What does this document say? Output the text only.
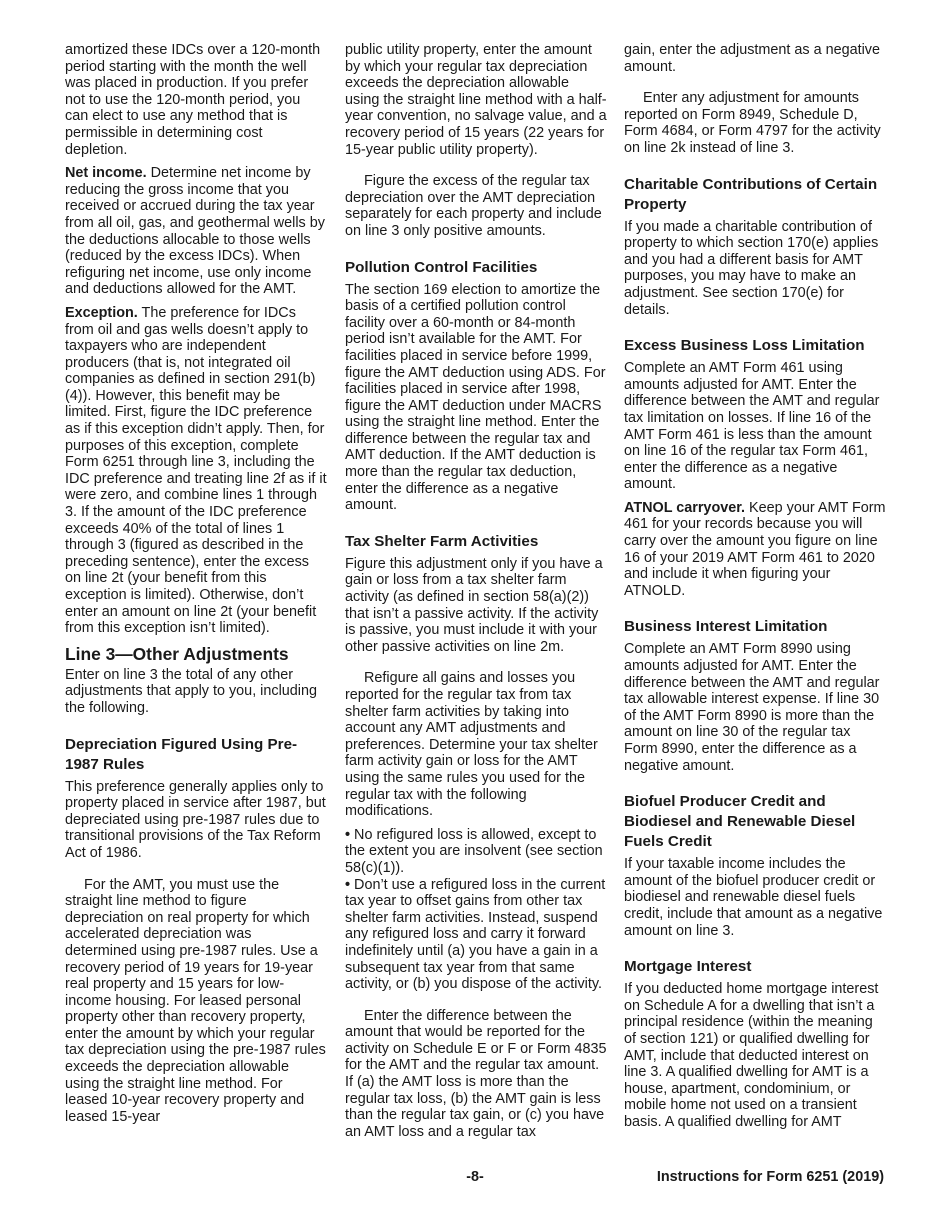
amortized these IDCs over a 120-month period starting with the month the well was placed in production. If you prefer not to use the 120-month period, you can elect to use any method that is permissible in determining cost depletion.

Net income. Determine net income by reducing the gross income that you received or accrued during the tax year from all oil, gas, and geothermal wells by the deductions allocable to those wells (reduced by the excess IDCs). When refiguring net income, use only income and deductions allowed for the AMT.

Exception. The preference for IDCs from oil and gas wells doesn’t apply to taxpayers who are independent producers (that is, not integrated oil companies as defined in section 291(b)(4)). However, this benefit may be limited. First, figure the IDC preference as if this exception didn’t apply. Then, for purposes of this exception, complete Form 6251 through line 3, including the IDC preference and treating line 2f as if it were zero, and combine lines 1 through 3. If the amount of the IDC preference exceeds 40% of the total of lines 1 through 3 (figured as described in the preceding sentence), enter the excess on line 2t (your benefit from this exception is limited). Otherwise, don’t enter an amount on line 2t (your benefit from this exception isn’t limited).

Line 3—Other Adjustments

Enter on line 3 the total of any other adjustments that apply to you, including the following.

Depreciation Figured Using Pre-1987 Rules

This preference generally applies only to property placed in service after 1987, but depreciated using pre-1987 rules due to transitional provisions of the Tax Reform Act of 1986.

For the AMT, you must use the straight line method to figure depreciation on real property for which accelerated depreciation was determined using pre-1987 rules. Use a recovery period of 19 years for 19-year real property and 15 years for low-income housing. For leased personal property other than recovery property, enter the amount by which your regular tax depreciation using the pre-1987 rules exceeds the depreciation allowable using the straight line method. For leased 10-year recovery property and leased 15-year

public utility property, enter the amount by which your regular tax depreciation exceeds the depreciation allowable using the straight line method with a half-year convention, no salvage value, and a recovery period of 15 years (22 years for 15-year public utility property).

Figure the excess of the regular tax depreciation over the AMT depreciation separately for each property and include on line 3 only positive amounts.

Pollution Control Facilities

The section 169 election to amortize the basis of a certified pollution control facility over a 60-month or 84-month period isn’t available for the AMT. For facilities placed in service before 1999, figure the AMT deduction using ADS. For facilities placed in service after 1998, figure the AMT deduction under MACRS using the straight line method. Enter the difference between the regular tax and AMT deduction. If the AMT deduction is more than the regular tax deduction, enter the difference as a negative amount.

Tax Shelter Farm Activities

Figure this adjustment only if you have a gain or loss from a tax shelter farm activity (as defined in section 58(a)(2)) that isn’t a passive activity. If the activity is passive, you must include it with your other passive activities on line 2m.

Refigure all gains and losses you reported for the regular tax from tax shelter farm activities by taking into account any AMT adjustments and preferences. Determine your tax shelter farm activity gain or loss for the AMT using the same rules you used for the regular tax with the following modifications.

• No refigured loss is allowed, except to the extent you are insolvent (see section 58(c)(1)).

• Don’t use a refigured loss in the current tax year to offset gains from other tax shelter farm activities. Instead, suspend any refigured loss and carry it forward indefinitely until (a) you have a gain in a subsequent tax year from that same activity, or (b) you dispose of the activity.

Enter the difference between the amount that would be reported for the activity on Schedule E or F or Form 4835 for the AMT and the regular tax amount. If (a) the AMT loss is more than the regular tax loss, (b) the AMT gain is less than the regular tax gain, or (c) you have an AMT loss and a regular tax

gain, enter the adjustment as a negative amount.

Enter any adjustment for amounts reported on Form 8949, Schedule D, Form 4684, or Form 4797 for the activity on line 2k instead of line 3.

Charitable Contributions of Certain Property

If you made a charitable contribution of property to which section 170(e) applies and you had a different basis for AMT purposes, you may have to make an adjustment. See section 170(e) for details.

Excess Business Loss Limitation

Complete an AMT Form 461 using amounts adjusted for AMT. Enter the difference between the AMT and regular tax limitation on losses. If line 16 of the AMT Form 461 is less than the amount on line 16 of the regular tax Form 461, enter the difference as a negative amount.

ATNOL carryover. Keep your AMT Form 461 for your records because you will carry over the amount you figure on line 16 of your 2019 AMT Form 461 to 2020 and include it when figuring your ATNOLD.

Business Interest Limitation

Complete an AMT Form 8990 using amounts adjusted for AMT. Enter the difference between the AMT and regular tax allowable interest expense. If line 30 of the AMT Form 8990 is more than the amount on line 30 of the regular tax Form 8990, enter the difference as a negative amount.

Biofuel Producer Credit and Biodiesel and Renewable Diesel Fuels Credit

If your taxable income includes the amount of the biofuel producer credit or biodiesel and renewable diesel fuels credit, include that amount as a negative amount on line 3.

Mortgage Interest

If you deducted home mortgage interest on Schedule A for a dwelling that isn’t a principal residence (within the meaning of section 121) or qualified dwelling for AMT, include that deducted interest on line 3. A qualified dwelling for AMT is a house, apartment, condominium, or mobile home not used on a transient basis. A qualified dwelling for AMT

-8-	Instructions for Form 6251 (2019)
